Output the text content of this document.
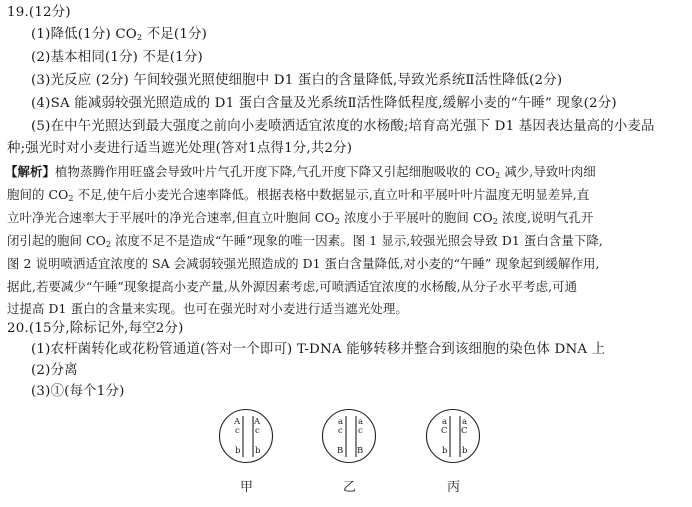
19.(12分)
(1)降低(1分) $CO_2$ 不足(1分)
(2)基本相同(1分) 不是(1分)
(3)光反应 (2分) 午间较强光照使细胞中 D1 蛋白的含量降低,导致光系统Ⅱ活性降低(2分)
(4)SA 能减弱较强光照造成的 D1 蛋白含量及光系统Ⅱ活性降低程度,缓解小麦的“午睡” 现象(2分)
(5)在中午光照达到最大强度之前向小麦喷洒适宜浓度的水杨酸;培育高光强下 D1 基因表达量高的小麦品
种;强光时对小麦进行适当遮光处理(答对1点得1分,共2分)
【解析】植物蒸腾作用旺盛会导致叶片气孔开度下降,气孔开度下降又引起细胞吸收的 $CO_2$ 减少,导致叶肉细
胞间的 $CO_2$ 不足,使午后小麦光合速率降低。根据表格中数据显示,直立叶和平展叶叶片温度无明显差异,直
立叶净光合速率大于平展叶的净光合速率,但直立叶胞间 $CO_2$ 浓度小于平展叶的胞间 $CO_2$ 浓度,说明气孔开
闭引起的胞间 $CO_2$ 浓度不足不是造成“午睡”现象的唯一因素。图 1 显示,较强光照会导致 D1 蛋白含量下降,
图 2 说明喷洒适宜浓度的 SA 会减弱较强光照造成的 D1 蛋白含量降低,对小麦的“午睡” 现象起到缓解作用,
据此,若要减少“午睡”现象提高小麦产量,从外源因素考虑,可喷洒适宜浓度的水杨酸,从分子水平考虑,可通
过提高 D1 蛋白的含量来实现。也可在强光时对小麦进行适当遮光处理。
20.(15分,除标记外,每空2分)
(1)农杆菌转化或花粉管通道(答对一个即可) T-DNA 能够转移并整合到该细胞的染色体 DNA 上
(2)分离
(3)①(每个1分)
A A
c c
b b
甲
a a
c c
B B
乙
a a
C C
b b
丙
